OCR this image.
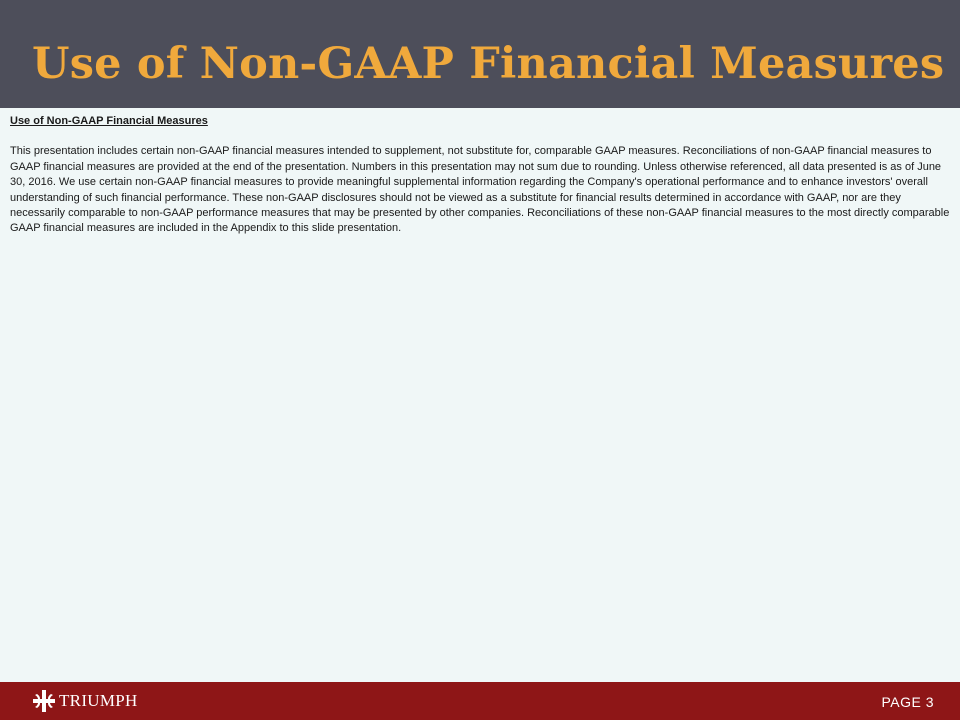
Use of Non-GAAP Financial Measures

Use of Non-GAAP Financial Measures

This presentation includes certain non-GAAP financial measures intended to supplement, not substitute for, comparable GAAP measures. Reconciliations of non-GAAP financial measures to GAAP financial measures are provided at the end of the presentation. Numbers in this presentation may not sum due to rounding. Unless otherwise referenced, all data presented is as of June 30, 2016. We use certain non-GAAP financial measures to provide meaningful supplemental information regarding the Company's operational performance and to enhance investors' overall understanding of such financial performance. These non-GAAP disclosures should not be viewed as a substitute for financial results determined in accordance with GAAP, nor are they necessarily comparable to non-GAAP performance measures that may be presented by other companies. Reconciliations of these non-GAAP financial measures to the most directly comparable GAAP financial measures are included in the Appendix to this slide presentation.

TRIUMPH	PAGE 3
